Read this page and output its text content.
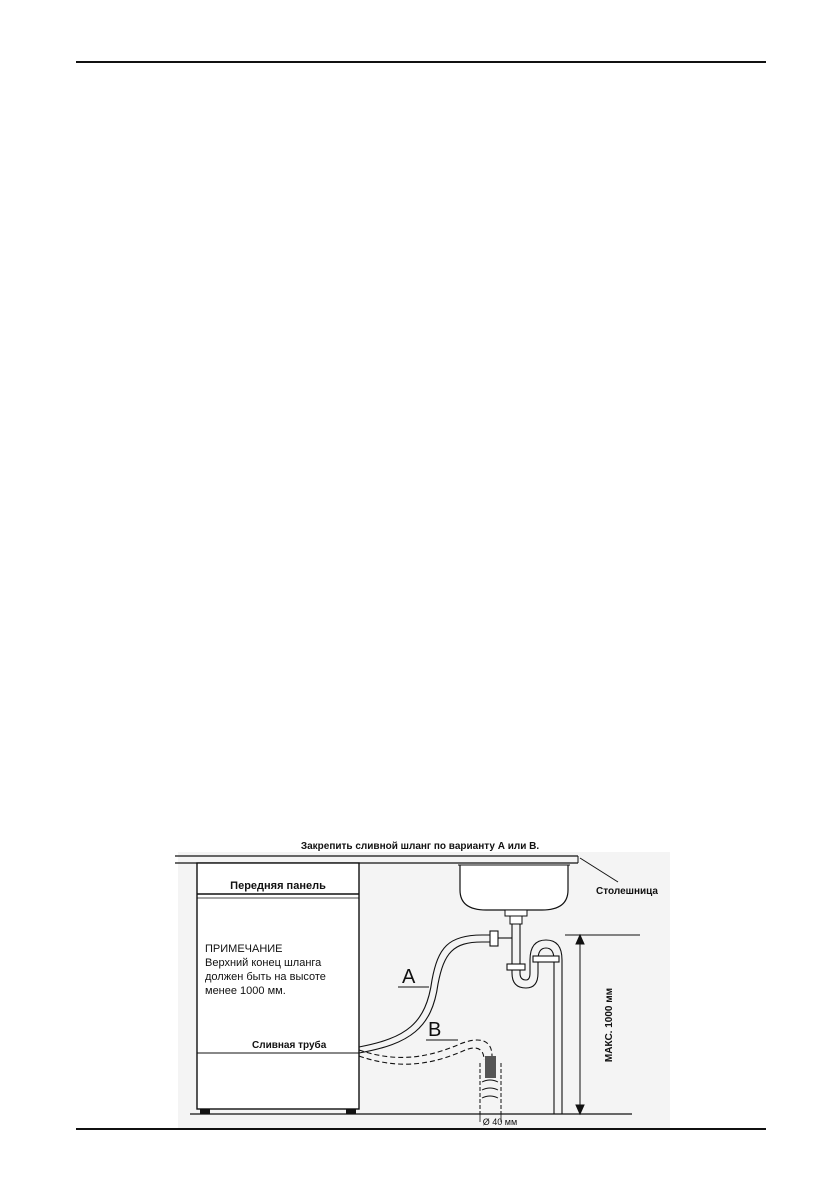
Закрепить сливной шланг по варианту А или В.
Столешница
Передняя панель
ПРИМЕЧАНИЕ
Верхний конец шланга
должен быть на высоте
менее 1000 мм.
Сливная труба
A
B
Ø 40 мм
МАКС. 1000 мм
